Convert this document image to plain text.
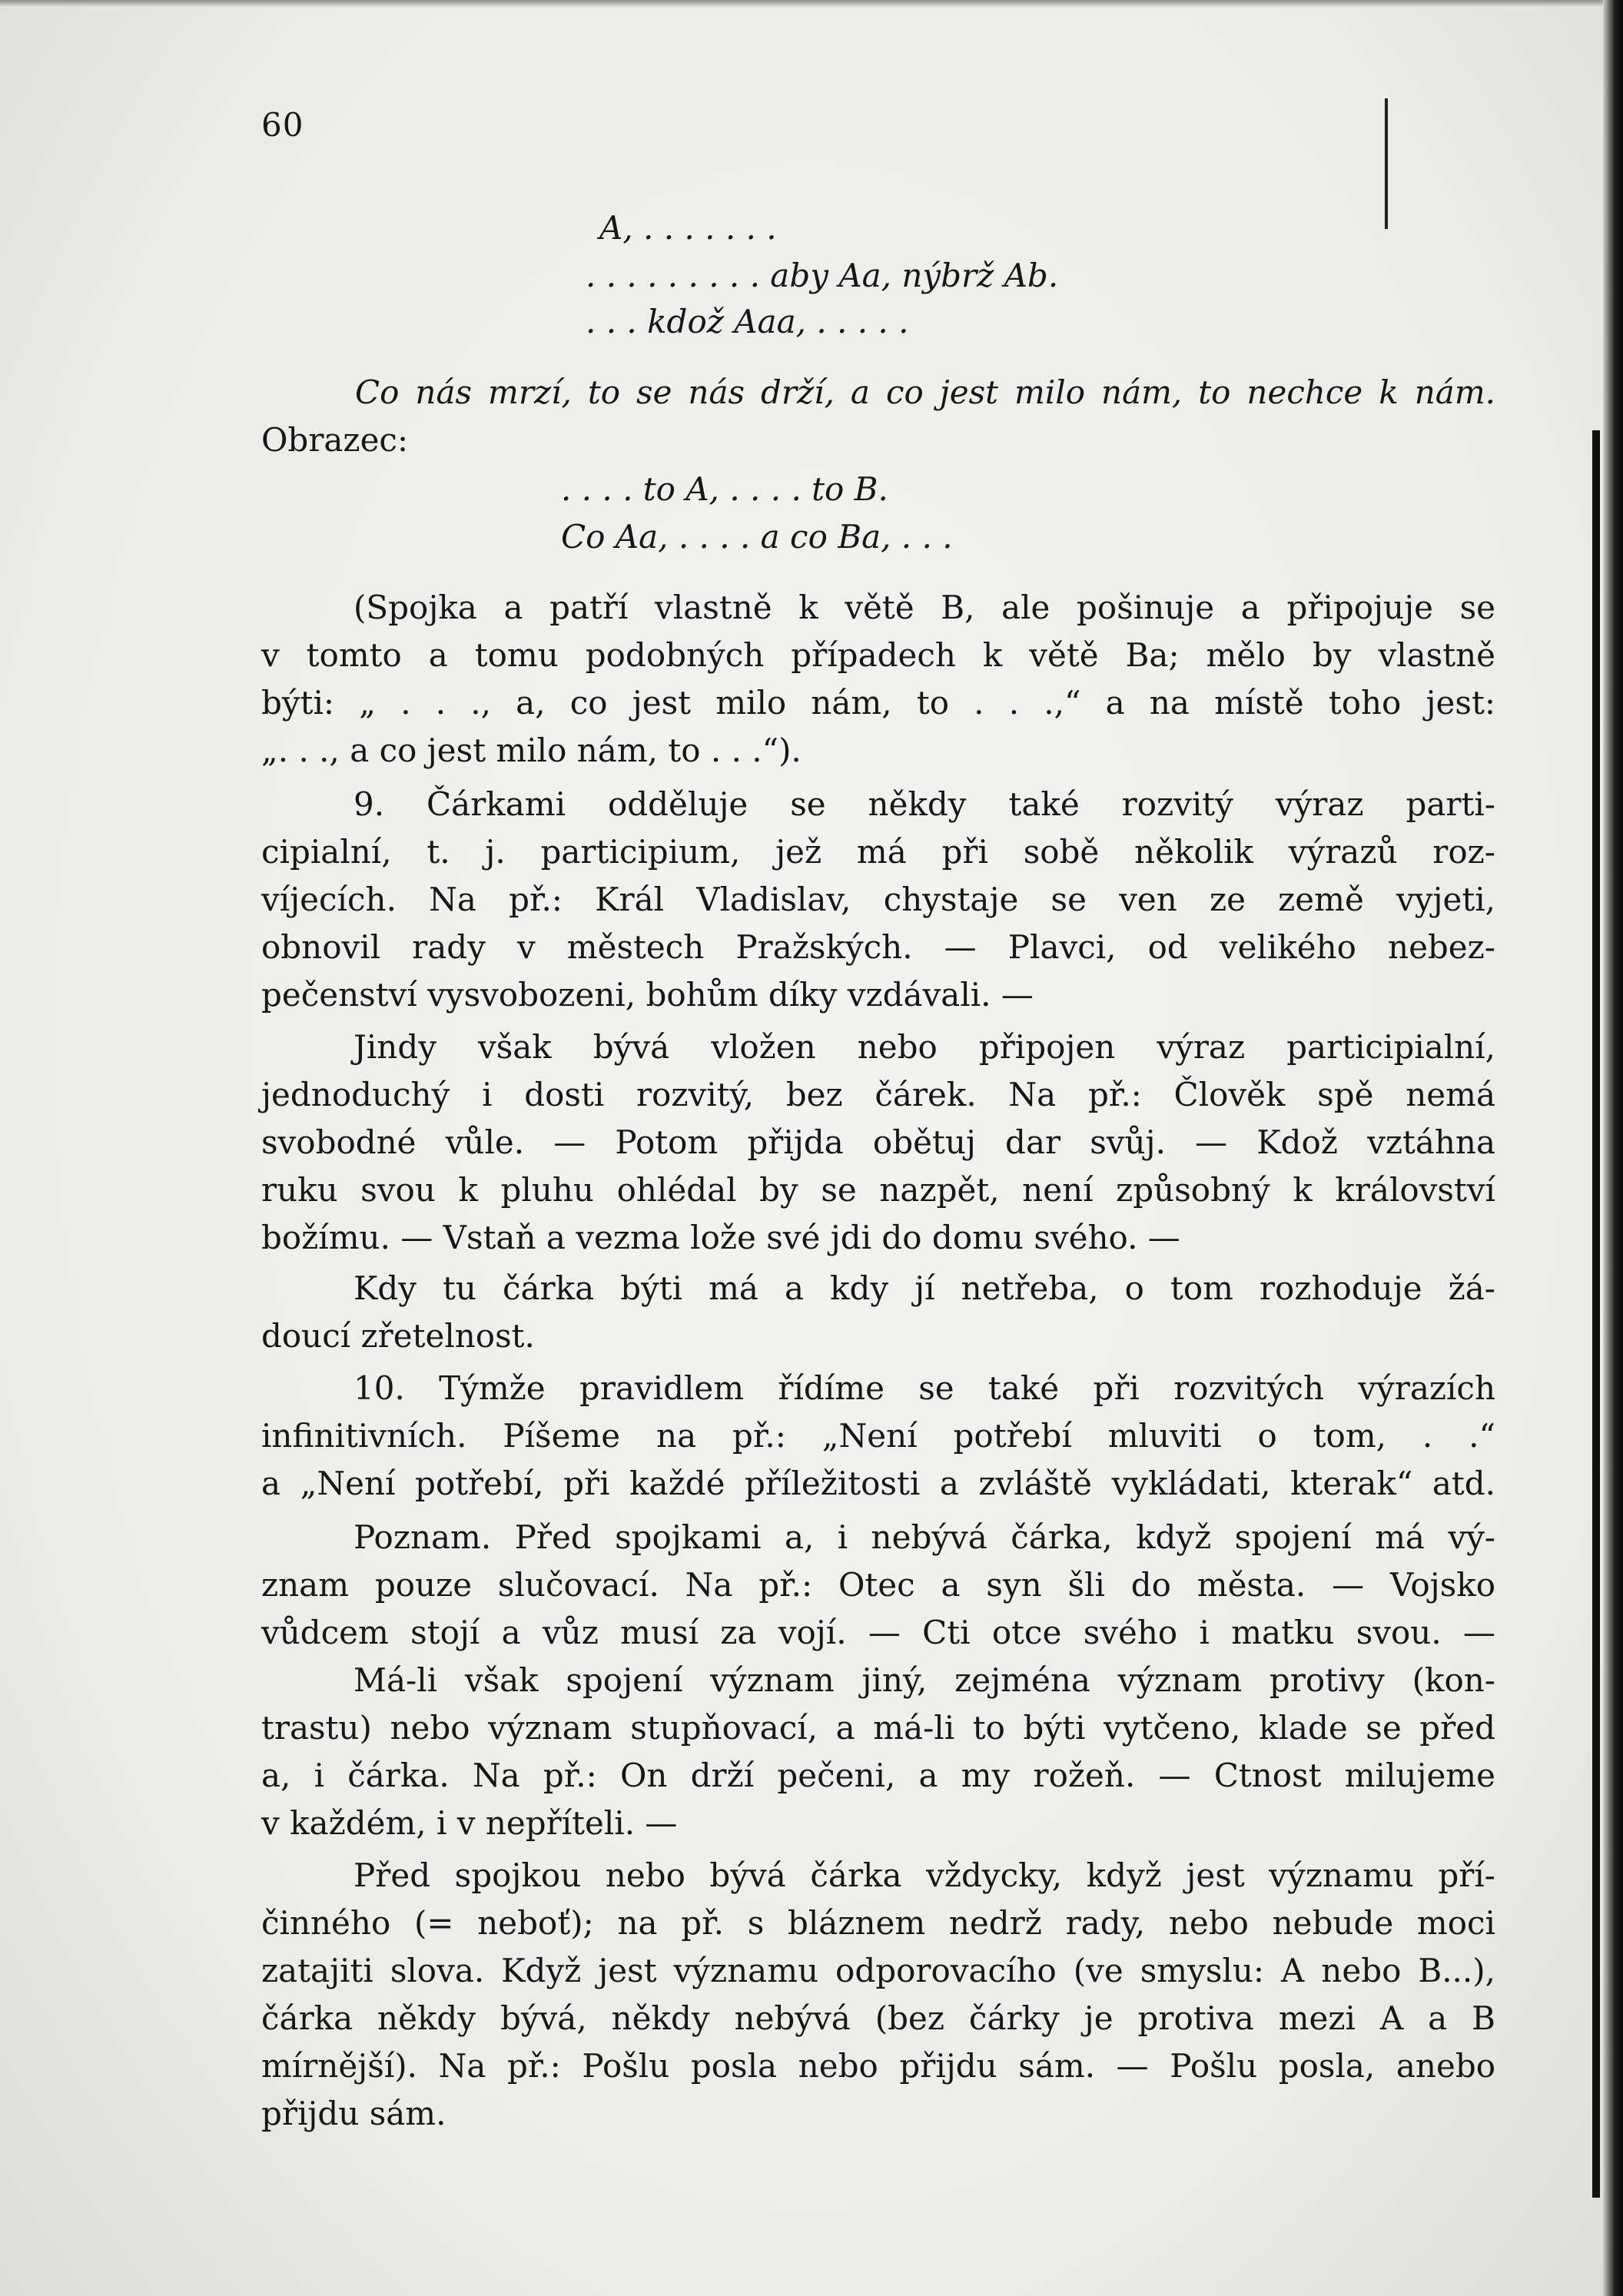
60
A, . . . . . . .
. . . . . . . . . aby Aa, nýbrž Ab.
. . . kdož Aaa, . . . . .
Co nás mrzí, to se nás drží, a co jest milo nám, to nechce k nám.
Obrazec:
. . . . to A, . . . . to B.
Co Aa, . . . . a co Ba, . . .
(Spojka a patří vlastně k větě B, ale pošinuje a připojuje se
v tomto a tomu podobných případech k větě Ba; mělo by vlastně
býti: „ . . ., a, co jest milo nám, to . . .,“ a na místě toho jest:
„. . ., a co jest milo nám, to . . .“).
9. Čárkami odděluje se někdy také rozvitý výraz parti-
cipialní, t. j. participium, jež má při sobě několik výrazů roz-
víjecích. Na př.: Král Vladislav, chystaje se ven ze země vyjeti,
obnovil rady v městech Pražských. — Plavci, od velikého nebez-
pečenství vysvobozeni, bohům díky vzdávali. —
Jindy však bývá vložen nebo připojen výraz participialní,
jednoduchý i dosti rozvitý, bez čárek. Na př.: Člověk spě nemá
svobodné vůle. — Potom přijda obětuj dar svůj. — Kdož vztáhna
ruku svou k pluhu ohlédal by se nazpět, není způsobný k království
božímu. — Vstaň a vezma lože své jdi do domu svého. —
Kdy tu čárka býti má a kdy jí netřeba, o tom rozhoduje žá-
doucí zřetelnost.
10. Týmže pravidlem řídíme se také při rozvitých výrazích
infinitivních. Píšeme na př.: „Není potřebí mluviti o tom, . .“
a „Není potřebí, při každé příležitosti a zvláště vykládati, kterak“ atd.
Poznam. Před spojkami a, i nebývá čárka, když spojení má vý-
znam pouze slučovací. Na př.: Otec a syn šli do města. — Vojsko
vůdcem stojí a vůz musí za vojí. — Cti otce svého i matku svou. —
Má-li však spojení význam jiný, zejména význam protivy (kon-
trastu) nebo význam stupňovací, a má-li to býti vytčeno, klade se před
a, i čárka. Na př.: On drží pečeni, a my rožeň. — Ctnost milujeme
v každém, i v nepříteli. —
Před spojkou nebo bývá čárka vždycky, když jest významu pří-
činného (= neboť); na př. s bláznem nedrž rady, nebo nebude moci
zatajiti slova. Když jest významu odporovacího (ve smyslu: A nebo B...),
čárka někdy bývá, někdy nebývá (bez čárky je protiva mezi A a B
mírnější). Na př.: Pošlu posla nebo přijdu sám. — Pošlu posla, anebo
přijdu sám.
